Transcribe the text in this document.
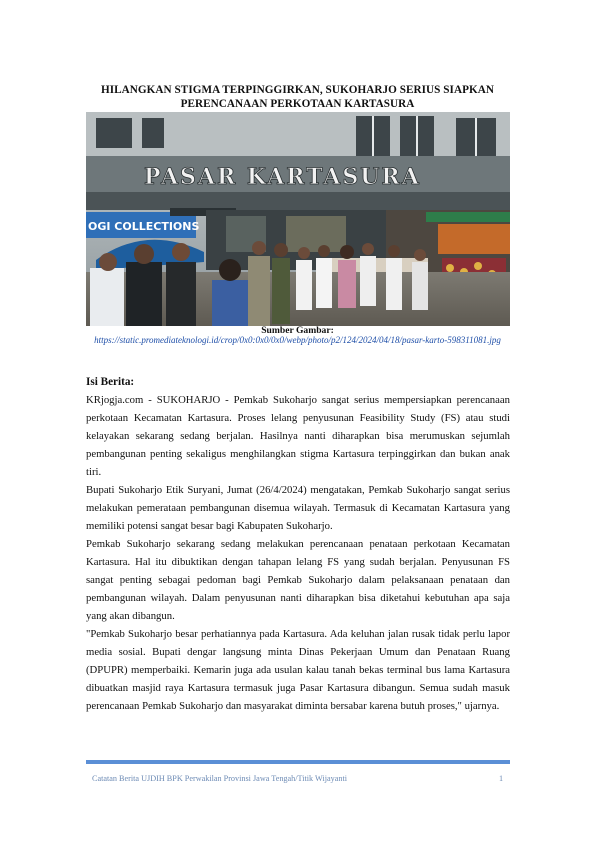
HILANGKAN STIGMA TERPINGGIRKAN, SUKOHARJO SERIUS SIAPKAN PERENCANAAN PERKOTAAN KARTASURA
PASAR KARTASURA
OGI COLLECTIONS
Sumber Gambar:
https://static.promediateknologi.id/crop/0x0:0x0/0x0/webp/photo/p2/124/2024/04/18/pasar-karto-598311081.jpg
Isi Berita:

KRjogja.com - SUKOHARJO - Pemkab Sukoharjo sangat serius mempersiapkan perencanaan perkotaan Kecamatan Kartasura. Proses lelang penyusunan Feasibility Study (FS) atau studi kelayakan sekarang sedang berjalan. Hasilnya nanti diharapkan bisa merumuskan sejumlah pembangunan penting sekaligus menghilangkan stigma Kartasura terpinggirkan dan bukan anak tiri.

Bupati Sukoharjo Etik Suryani, Jumat (26/4/2024) mengatakan, Pemkab Sukoharjo sangat serius melakukan pemerataan pembangunan disemua wilayah. Termasuk di Kecamatan Kartasura yang memiliki potensi sangat besar bagi Kabupaten Sukoharjo.

Pemkab Sukoharjo sekarang sedang melakukan perencanaan penataan perkotaan Kecamatan Kartasura. Hal itu dibuktikan dengan tahapan lelang FS yang sudah berjalan. Penyusunan FS sangat penting sebagai pedoman bagi Pemkab Sukoharjo dalam pelaksanaan penataan dan pembangunan wilayah. Dalam penyusunan nanti diharapkan bisa diketahui kebutuhan apa saja yang akan dibangun.

"Pemkab Sukoharjo besar perhatiannya pada Kartasura. Ada keluhan jalan rusak tidak perlu lapor media sosial. Bupati dengar langsung minta Dinas Pekerjaan Umum dan Penataan Ruang (DPUPR) memperbaiki. Kemarin juga ada usulan kalau tanah bekas terminal bus lama Kartasura dibuatkan masjid raya Kartasura termasuk juga Pasar Kartasura dibangun. Semua sudah masuk perencanaan Pemkab Sukoharjo dan masyarakat diminta bersabar karena butuh proses," ujarnya.

Catatan Berita UJDIH BPK Perwakilan Provinsi Jawa Tengah/Titik Wijayanti	1
